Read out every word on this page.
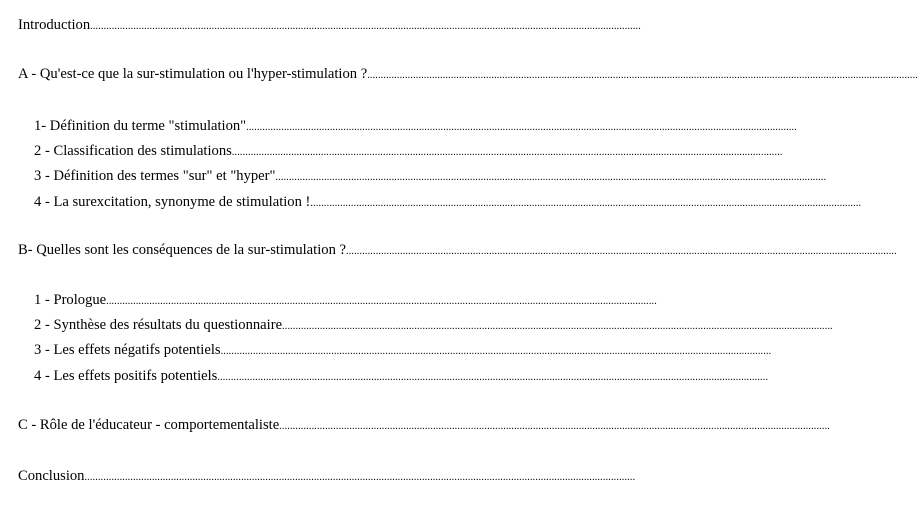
Introduction ............................................................................................................................................................................................................
A - Qu'est-ce que la sur-stimulation ou l'hyper-stimulation ? ............................................................................................................................................................................................................
1- Définition du terme "stimulation" ............................................................................................................................................................................................................
2 - Classification des stimulations ............................................................................................................................................................................................................
3 - Définition des termes "sur" et "hyper" ............................................................................................................................................................................................................
4 - La surexcitation, synonyme de stimulation ! ............................................................................................................................................................................................................
B- Quelles sont les conséquences de la sur-stimulation ? ............................................................................................................................................................................................................
1 - Prologue ............................................................................................................................................................................................................
2 - Synthèse des résultats du questionnaire ............................................................................................................................................................................................................
3 - Les effets négatifs potentiels ............................................................................................................................................................................................................
4 - Les effets positifs potentiels ............................................................................................................................................................................................................
C - Rôle de l'éducateur - comportementaliste ............................................................................................................................................................................................................
Conclusion ............................................................................................................................................................................................................
